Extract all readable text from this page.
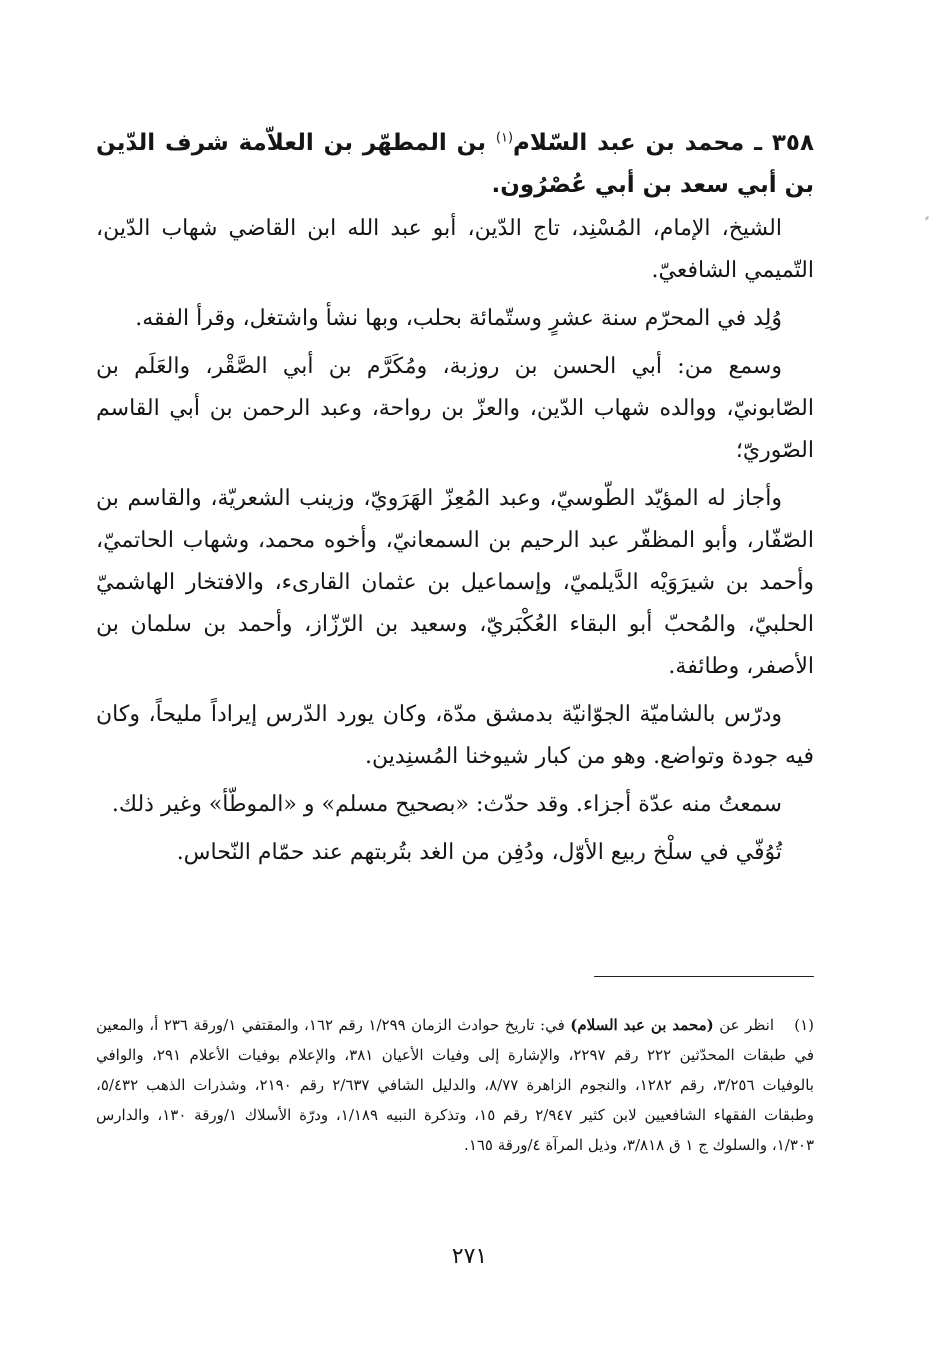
⸗

٣٥٨ ـ محمد بن عبد السّلام$^{(١)}$ بن المطهّر بن العلاّمة شرف الدّين بن أبي سعد بن أبي عُصْرُون.

الشيخ، الإمام، المُسْنِد، تاج الدّين، أبو عبد الله ابن القاضي شهاب الدّين، التّميمي الشافعيّ.

وُلِد في المحرّم سنة عشرٍ وستّمائة بحلب، وبها نشأ واشتغل، وقرأ الفقه.

وسمع من: أبي الحسن بن روزبة، ومُكَرَّم بن أبي الصَّقْر، والعَلَم بن الصّابونيّ، ووالده شهاب الدّين، والعزّ بن رواحة، وعبد الرحمن بن أبي القاسم الصّوريّ؛

وأجاز له المؤيّد الطّوسيّ، وعبد المُعِزّ الهَرَويّ، وزينب الشعريّة، والقاسم بن الصّفّار، وأبو المظفّر عبد الرحيم بن السمعانيّ، وأخوه محمد، وشهاب الحاتميّ، وأحمد بن شيرَوَيْه الدَّيلميّ، وإسماعيل بن عثمان القارىء، والافتخار الهاشميّ الحلبيّ، والمُحبّ أبو البقاء العُكْبَريّ، وسعيد بن الرّزّاز، وأحمد بن سلمان بن الأصفر، وطائفة.

ودرّس بالشاميّة الجوّانيّة بدمشق مدّة، وكان يورد الدّرس إيراداً مليحاً، وكان فيه جودة وتواضع. وهو من كبار شيوخنا المُسنِدين.

سمعتُ منه عدّة أجزاء. وقد حدّث: «بصحيح مسلم» و «الموطّأ» وغير ذلك.

تُوُفّي في سلْخ ربيع الأوّل، ودُفِن من الغد بتُربتهم عند حمّام النّحاس.

(١)انظر عن (محمد بن عبد السلام) في: تاريخ حوادث الزمان ١/٢٩٩ رقم ١٦٢، والمقتفي ١/ورقة ٢٣٦ أ، والمعين في طبقات المحدّثين ٢٢٢ رقم ٢٢٩٧، والإشارة إلى وفيات الأعيان ٣٨١، والإعلام بوفيات الأعلام ٢٩١، والوافي بالوفيات ٣/٢٥٦، رقم ١٢٨٢، والنجوم الزاهرة ٨/٧٧، والدليل الشافي ٢/٦٣٧ رقم ٢١٩٠، وشذرات الذهب ٥/٤٣٢، وطبقات الفقهاء الشافعيين لابن كثير ٢/٩٤٧ رقم ١٥، وتذكرة النبيه ١/١٨٩، ودرّة الأسلاك ١/ورقة ١٣٠، والدارس ١/٣٠٣، والسلوك ج ١ ق ٣/٨١٨، وذيل المرآة ٤/ورقة ١٦٥.
٢٧١
